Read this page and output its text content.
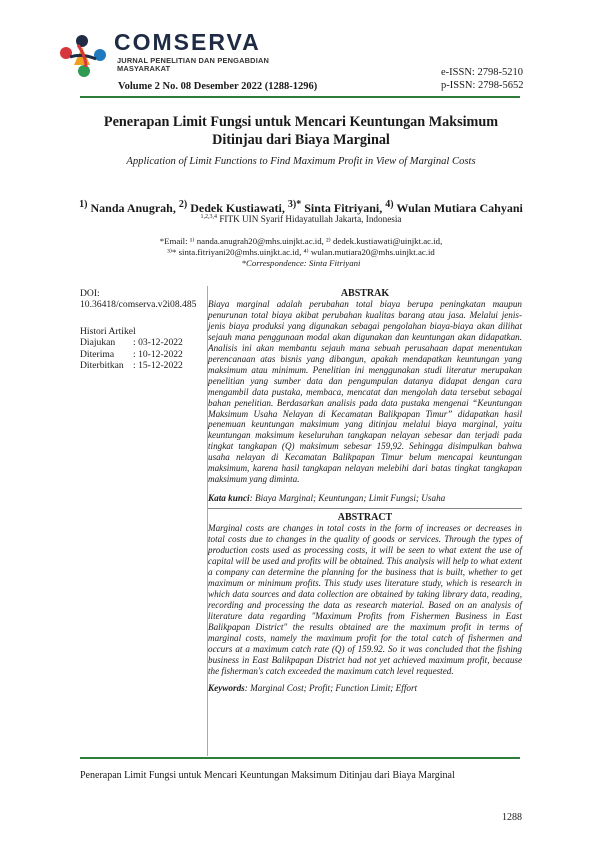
COMSERVA
JURNAL PENELITIAN DAN PENGABDIAN MASYARAKAT
Volume 2 No. 08 Desember 2022 (1288-1296)
e-ISSN: 2798-5210
p-ISSN: 2798-5652
Penerapan Limit Fungsi untuk Mencari Keuntungan Maksimum Ditinjau dari Biaya Marginal
Application of Limit Functions to Find Maximum Profit in View of Marginal Costs
$^{1)}$ Nanda Anugrah, $^{2)}$ Dedek Kustiawati, $^{3)*}$ Sinta Fitriyani, $^{4)}$ Wulan Mutiara Cahyani
$^{1,2,3,4}$ FITK UIN Syarif Hidayatullah Jakarta, Indonesia
*Email: ¹⁾ nanda.anugrah20@mhs.uinjkt.ac.id, ²⁾ dedek.kustiawati@uinjkt.ac.id,
³⁾* sinta.fitriyani20@mhs.uinjkt.ac.id, ⁴⁾ wulan.mutiara20@mhs.uinjkt.ac.id
*Correspondence: Sinta Fitriyani
DOI:
10.36418/comserva.v2i08.485
Histori Artikel
Diajukan	: 03-12-2022
Diterima	: 10-12-2022
Diterbitkan : 15-12-2022
ABSTRAK

Biaya marginal adalah perubahan total biaya berupa peningkatan maupun penurunan total biaya akibat perubahan kualitas barang atau jasa. Melalui jenis-jenis biaya produksi yang digunakan sebagai pengolahan biaya-biaya akan dilihat sejauh mana penggunaan modal akan digunakan dan keuntungan akan didapatkan. Analisis ini akan membantu sejauh mana sebuah perusahaan dapat menentukan perencanaan atas bisnis yang dibangun, apakah mendapatkan keuntungan yang maksimum atau minimum. Penelitian ini menggunakan studi literatur merupakan penelitian yang sumber data dan pengumpulan datanya didapat dengan cara mengambil data pustaka, membaca, mencatat dan mengolah data tersebut sebagai bahan penelitian. Berdasarkan analisis pada data pustaka mengenai “Keuntungan Maksimum Usaha Nelayan di Kecamatan Balikpapan Timur” didapatkan hasil penemuan keuntungan maksimum yang ditinjau melalui biaya marginal, yaitu keuntungan maksimum keseluruhan tangkapan nelayan sebesar dan terjadi pada tingkat tangkapan (Q) maksimum sebesar 159,92. Sehingga disimpulkan bahwa usaha nelayan di Kecamatan Balikpapan Timur belum mencapai keuntungan maksimum, karena hasil tangkapan nelayan melebihi dari batas tingkat tangkapan maksimum yang diminta.

Kata kunci: Biaya Marginal; Keuntungan; Limit Fungsi; Usaha

ABSTRACT

Marginal costs are changes in total costs in the form of increases or decreases in total costs due to changes in the quality of goods or services. Through the types of production costs used as processing costs, it will be seen to what extent the use of capital will be used and profits will be obtained. This analysis will help to what extent a company can determine the planning for the business that is built, whether to get maximum or minimum profits. This study uses literature study, which is research in which data sources and data collection are obtained by taking library data, reading, recording and processing the data as research material. Based on an analysis of literature data regarding "Maximum Profits from Fishermen Business in East Balikpapan District" the results obtained are the maximum profit in terms of marginal costs, namely the maximum profit for the total catch of fishermen and occurs at a maximum catch rate (Q) of 159.92. So it was concluded that the fishing business in East Balikpapan District had not yet achieved maximum profit, because the fisherman's catch exceeded the maximum catch level requested.

Keywords: Marginal Cost; Profit; Function Limit; Effort

Penerapan Limit Fungsi untuk Mencari Keuntungan Maksimum Ditinjau dari Biaya Marginal
1288
